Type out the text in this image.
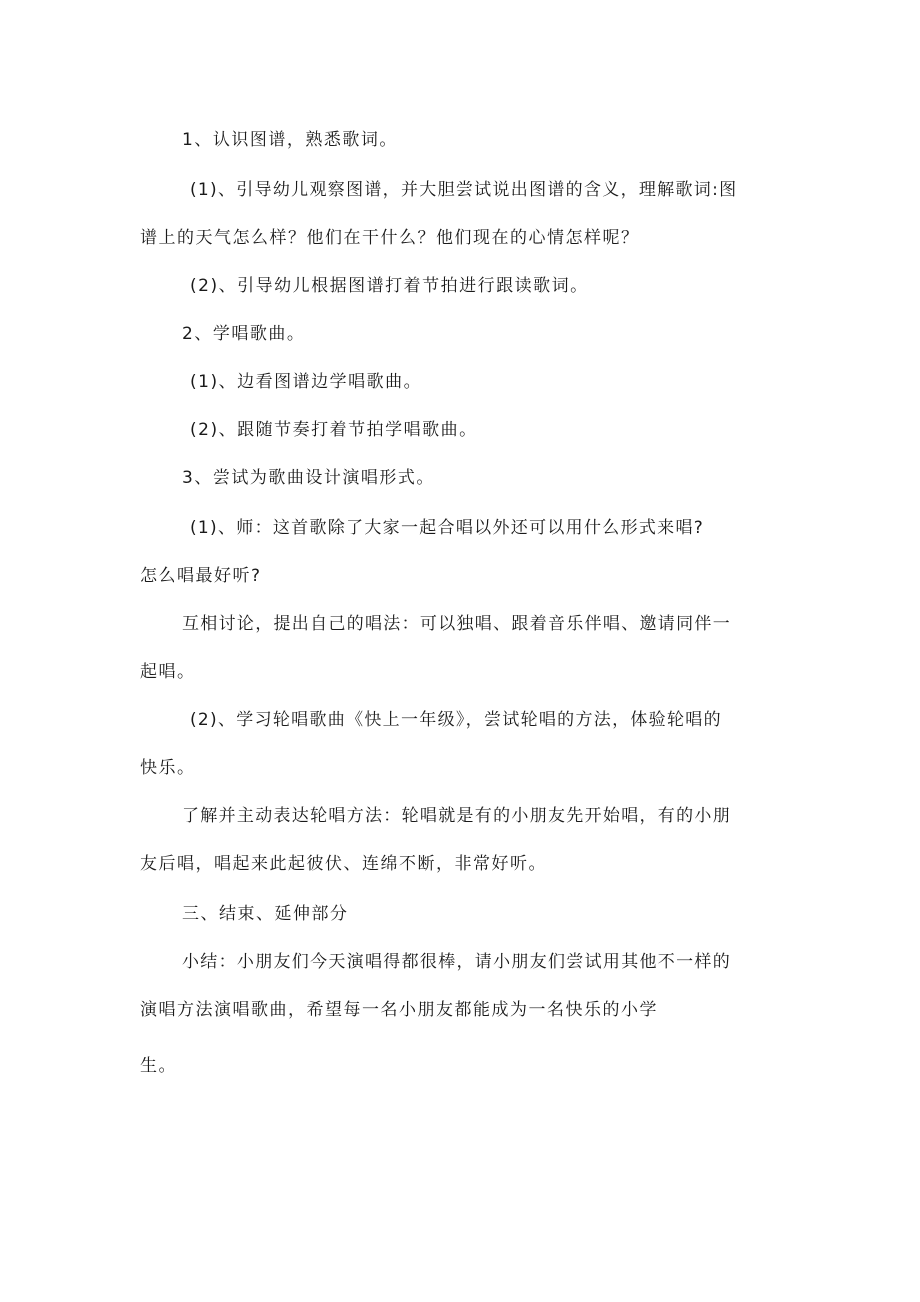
1、认识图谱，熟悉歌词。
(1)、引导幼儿观察图谱，并大胆尝试说出图谱的含义，理解歌词:图
谱上的天气怎么样？他们在干什么？他们现在的心情怎样呢？
(2)、引导幼儿根据图谱打着节拍进行跟读歌词。
2、学唱歌曲。
(1)、边看图谱边学唱歌曲。
(2)、跟随节奏打着节拍学唱歌曲。
3、尝试为歌曲设计演唱形式。
(1)、师：这首歌除了大家一起合唱以外还可以用什么形式来唱?
怎么唱最好听?
互相讨论，提出自己的唱法：可以独唱、跟着音乐伴唱、邀请同伴一
起唱。
(2)、学习轮唱歌曲《快上一年级》，尝试轮唱的方法，体验轮唱的
快乐。
了解并主动表达轮唱方法：轮唱就是有的小朋友先开始唱，有的小朋
友后唱，唱起来此起彼伏、连绵不断，非常好听。
三、结束、延伸部分
小结：小朋友们今天演唱得都很棒，请小朋友们尝试用其他不一样的
演唱方法演唱歌曲，希望每一名小朋友都能成为一名快乐的小学
生。
